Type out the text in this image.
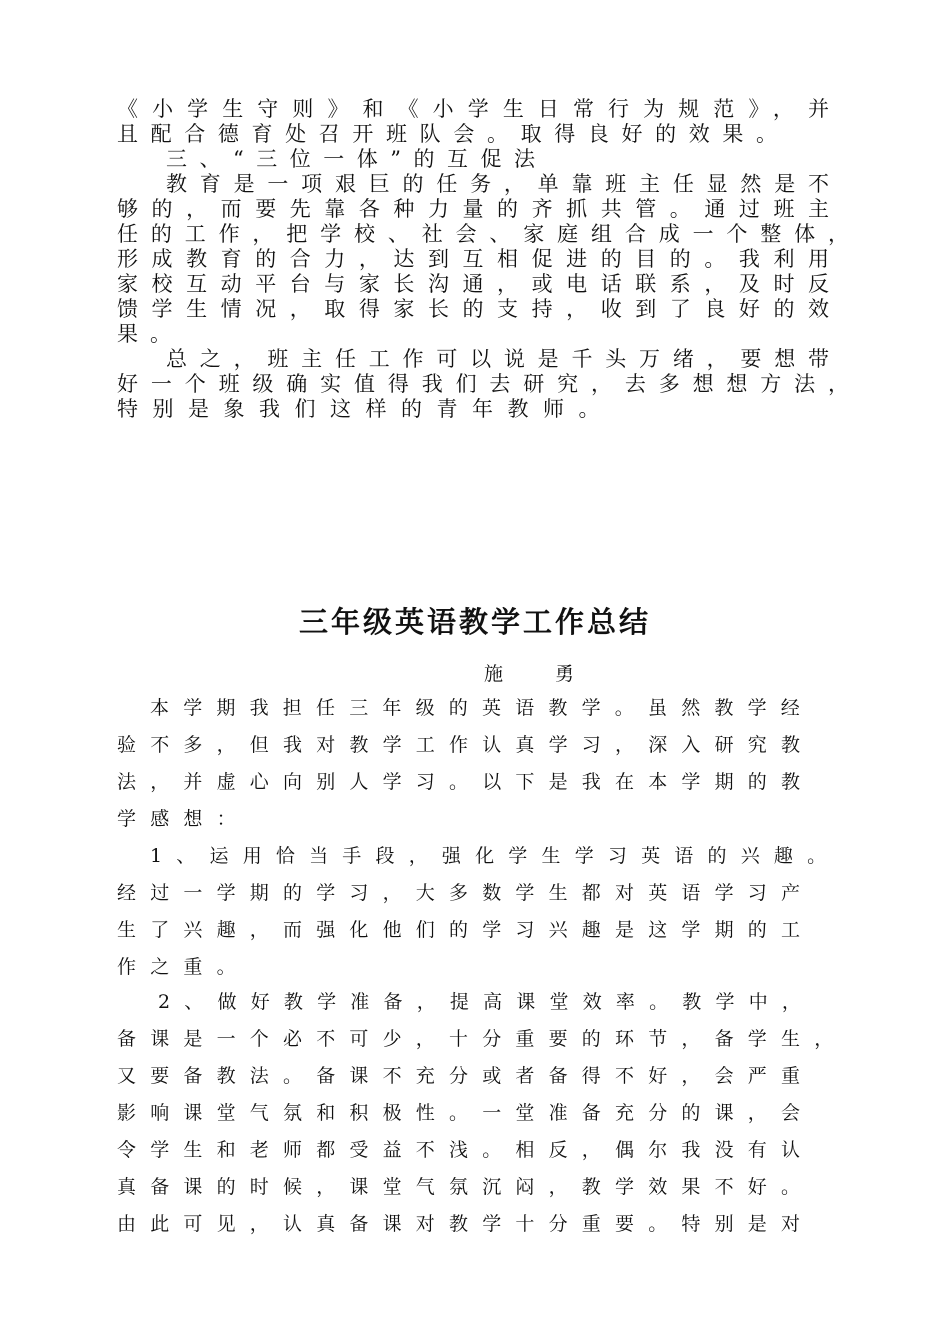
《小学生守则》和《小学生日常行为规范》，并
且配合德育处召开班队会。取得良好的效果。
三、“三位一体”的互促法
教育是一项艰巨的任务，单靠班主任显然是不
够的，而要先靠各种力量的齐抓共管。通过班主
任的工作，把学校、社会、家庭组合成一个整体，
形成教育的合力，达到互相促进的目的。我利用
家校互动平台与家长沟通，或电话联系，及时反
馈学生情况，取得家长的支持，收到了良好的效
果。
总之，班主任工作可以说是千头万绪，要想带
好一个班级确实值得我们去研究，去多想想方法，
特别是象我们这样的青年教师。
三年级英语教学工作总结
施勇
本学期我担任三年级的英语教学。虽然教学经
验不多，但我对教学工作认真学习，深入研究教
法，并虚心向别人学习。以下是我在本学期的教
学感想：
1、运用恰当手段，强化学生学习英语的兴趣。
经过一学期的学习，大多数学生都对英语学习产
生了兴趣，而强化他们的学习兴趣是这学期的工
作之重。
2、做好教学准备，提高课堂效率。教学中，
备课是一个必不可少，十分重要的环节，备学生，
又要备教法。备课不充分或者备得不好，会严重
影响课堂气氛和积极性。一堂准备充分的课，会
令学生和老师都受益不浅。相反，偶尔我没有认
真备课的时候，课堂气氛沉闷，教学效果不好。
由此可见，认真备课对教学十分重要。特别是对
